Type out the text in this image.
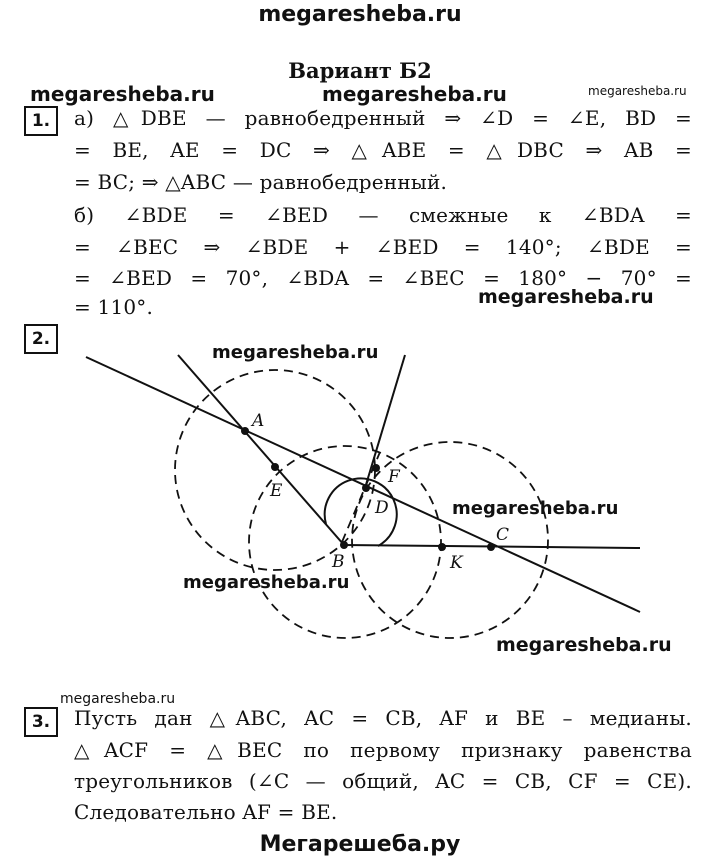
megaresheba.ru
Вариант Б2
megaresheba.ru	megaresheba.ru	megaresheba.ru
megaresheba.ru
megaresheba.ru
megaresheba.ru
megaresheba.ru
megaresheba.ru
megaresheba.ru
1.	а) △DBE — равнобедренный ⇒ ∠D = ∠E, BD =
= BE, AE = DC ⇒ △ABE = △DBC ⇒ AB =
= BC; ⇒ △ABC — равнобедренный.
б) ∠BDE = ∠BED — смежные к ∠BDA =
= ∠BEC ⇒ ∠BDE + ∠BED = 140°; ∠BDE =
= ∠BED = 70°, ∠BDA = ∠BEC = 180° − 70° =
= 110°.
2.
A
E
F
D
B	K
C
3.	Пусть дан △ABC, AC = CB, AF и BE – медианы.
△ACF = △BEC по первому признаку равенства
треугольников (∠C — общий, AC = CB, CF = CE).
Следовательно AF = BE.
Мегарешеба.ру
